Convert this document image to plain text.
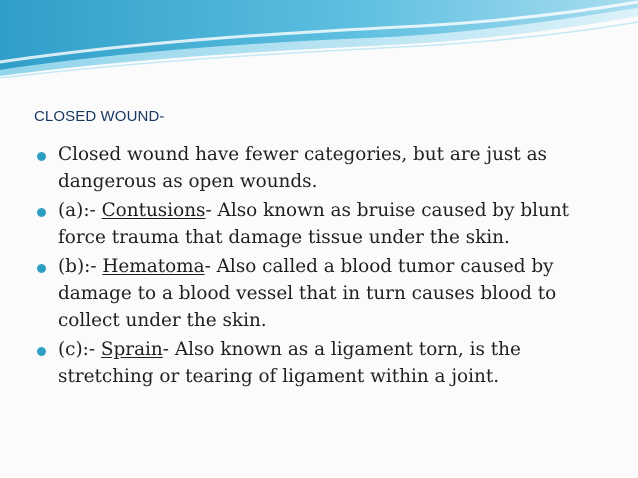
CLOSED WOUND-
Closed wound have fewer categories, but are just as dangerous as open wounds.
(a):- Contusions- Also known as bruise caused by blunt force trauma that damage tissue under the skin.
(b):- Hematoma- Also called a blood tumor caused by damage to a blood vessel that in turn causes blood to collect under the skin.
(c):- Sprain- Also known as a ligament torn, is the stretching or tearing of ligament within a joint.
